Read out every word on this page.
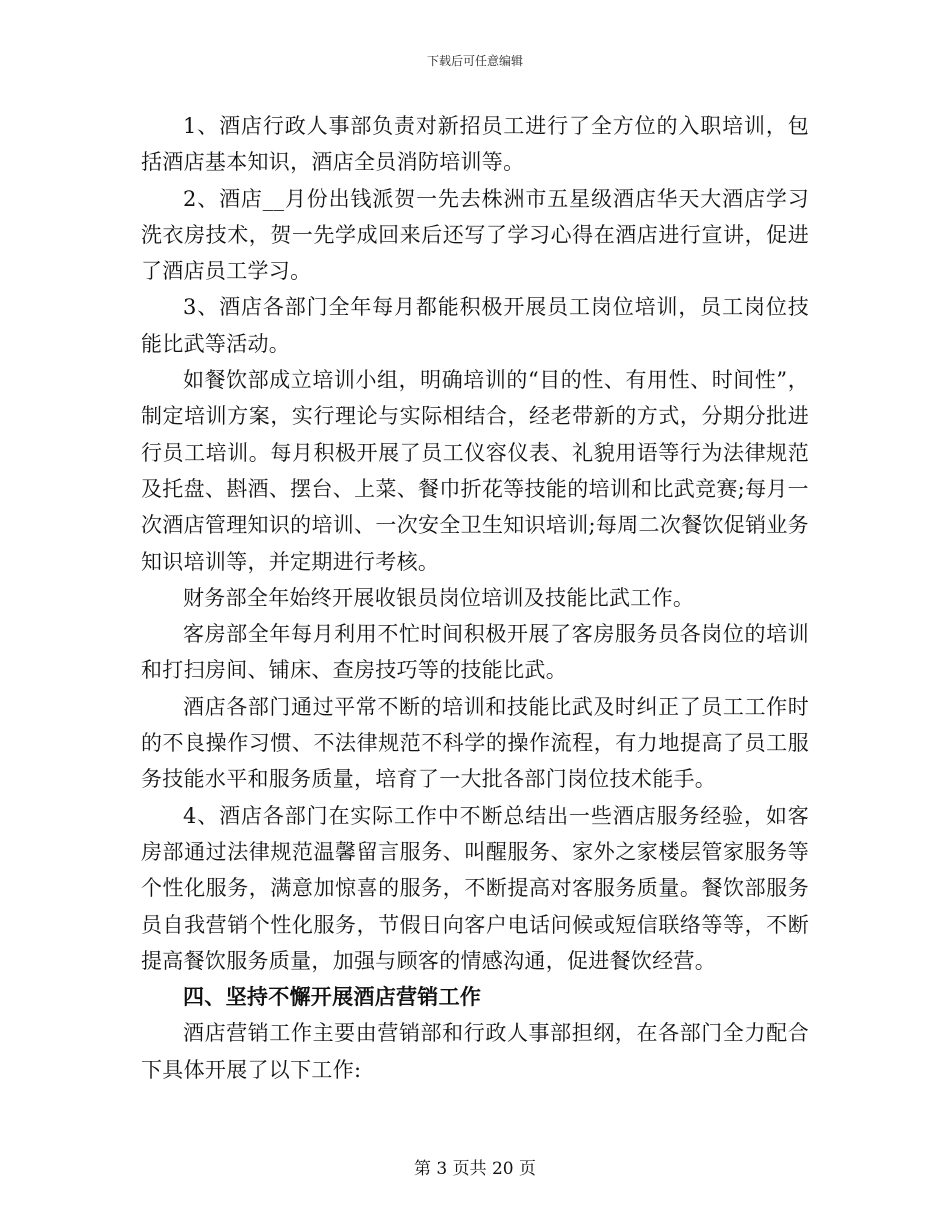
下载后可任意编辑

1、酒店行政人事部负责对新招员工进行了全方位的入职培训，包括酒店基本知识，酒店全员消防培训等。

2、酒店__月份出钱派贺一先去株洲市五星级酒店华天大酒店学习洗衣房技术，贺一先学成回来后还写了学习心得在酒店进行宣讲，促进了酒店员工学习。

3、酒店各部门全年每月都能积极开展员工岗位培训，员工岗位技能比武等活动。

如餐饮部成立培训小组，明确培训的“目的性、有用性、时间性”，制定培训方案，实行理论与实际相结合，经老带新的方式，分期分批进行员工培训。每月积极开展了员工仪容仪表、礼貌用语等行为法律规范及托盘、斟酒、摆台、上菜、餐巾折花等技能的培训和比武竞赛;每月一次酒店管理知识的培训、一次安全卫生知识培训;每周二次餐饮促销业务知识培训等，并定期进行考核。

财务部全年始终开展收银员岗位培训及技能比武工作。

客房部全年每月利用不忙时间积极开展了客房服务员各岗位的培训和打扫房间、铺床、查房技巧等的技能比武。

酒店各部门通过平常不断的培训和技能比武及时纠正了员工工作时的不良操作习惯、不法律规范不科学的操作流程，有力地提高了员工服务技能水平和服务质量，培育了一大批各部门岗位技术能手。

4、酒店各部门在实际工作中不断总结出一些酒店服务经验，如客房部通过法律规范温馨留言服务、叫醒服务、家外之家楼层管家服务等个性化服务，满意加惊喜的服务，不断提高对客服务质量。餐饮部服务员自我营销个性化服务，节假日向客户电话问候或短信联络等等，不断提高餐饮服务质量，加强与顾客的情感沟通，促进餐饮经营。

四、坚持不懈开展酒店营销工作

酒店营销工作主要由营销部和行政人事部担纲，在各部门全力配合下具体开展了以下工作:

第 3 页共 20 页
